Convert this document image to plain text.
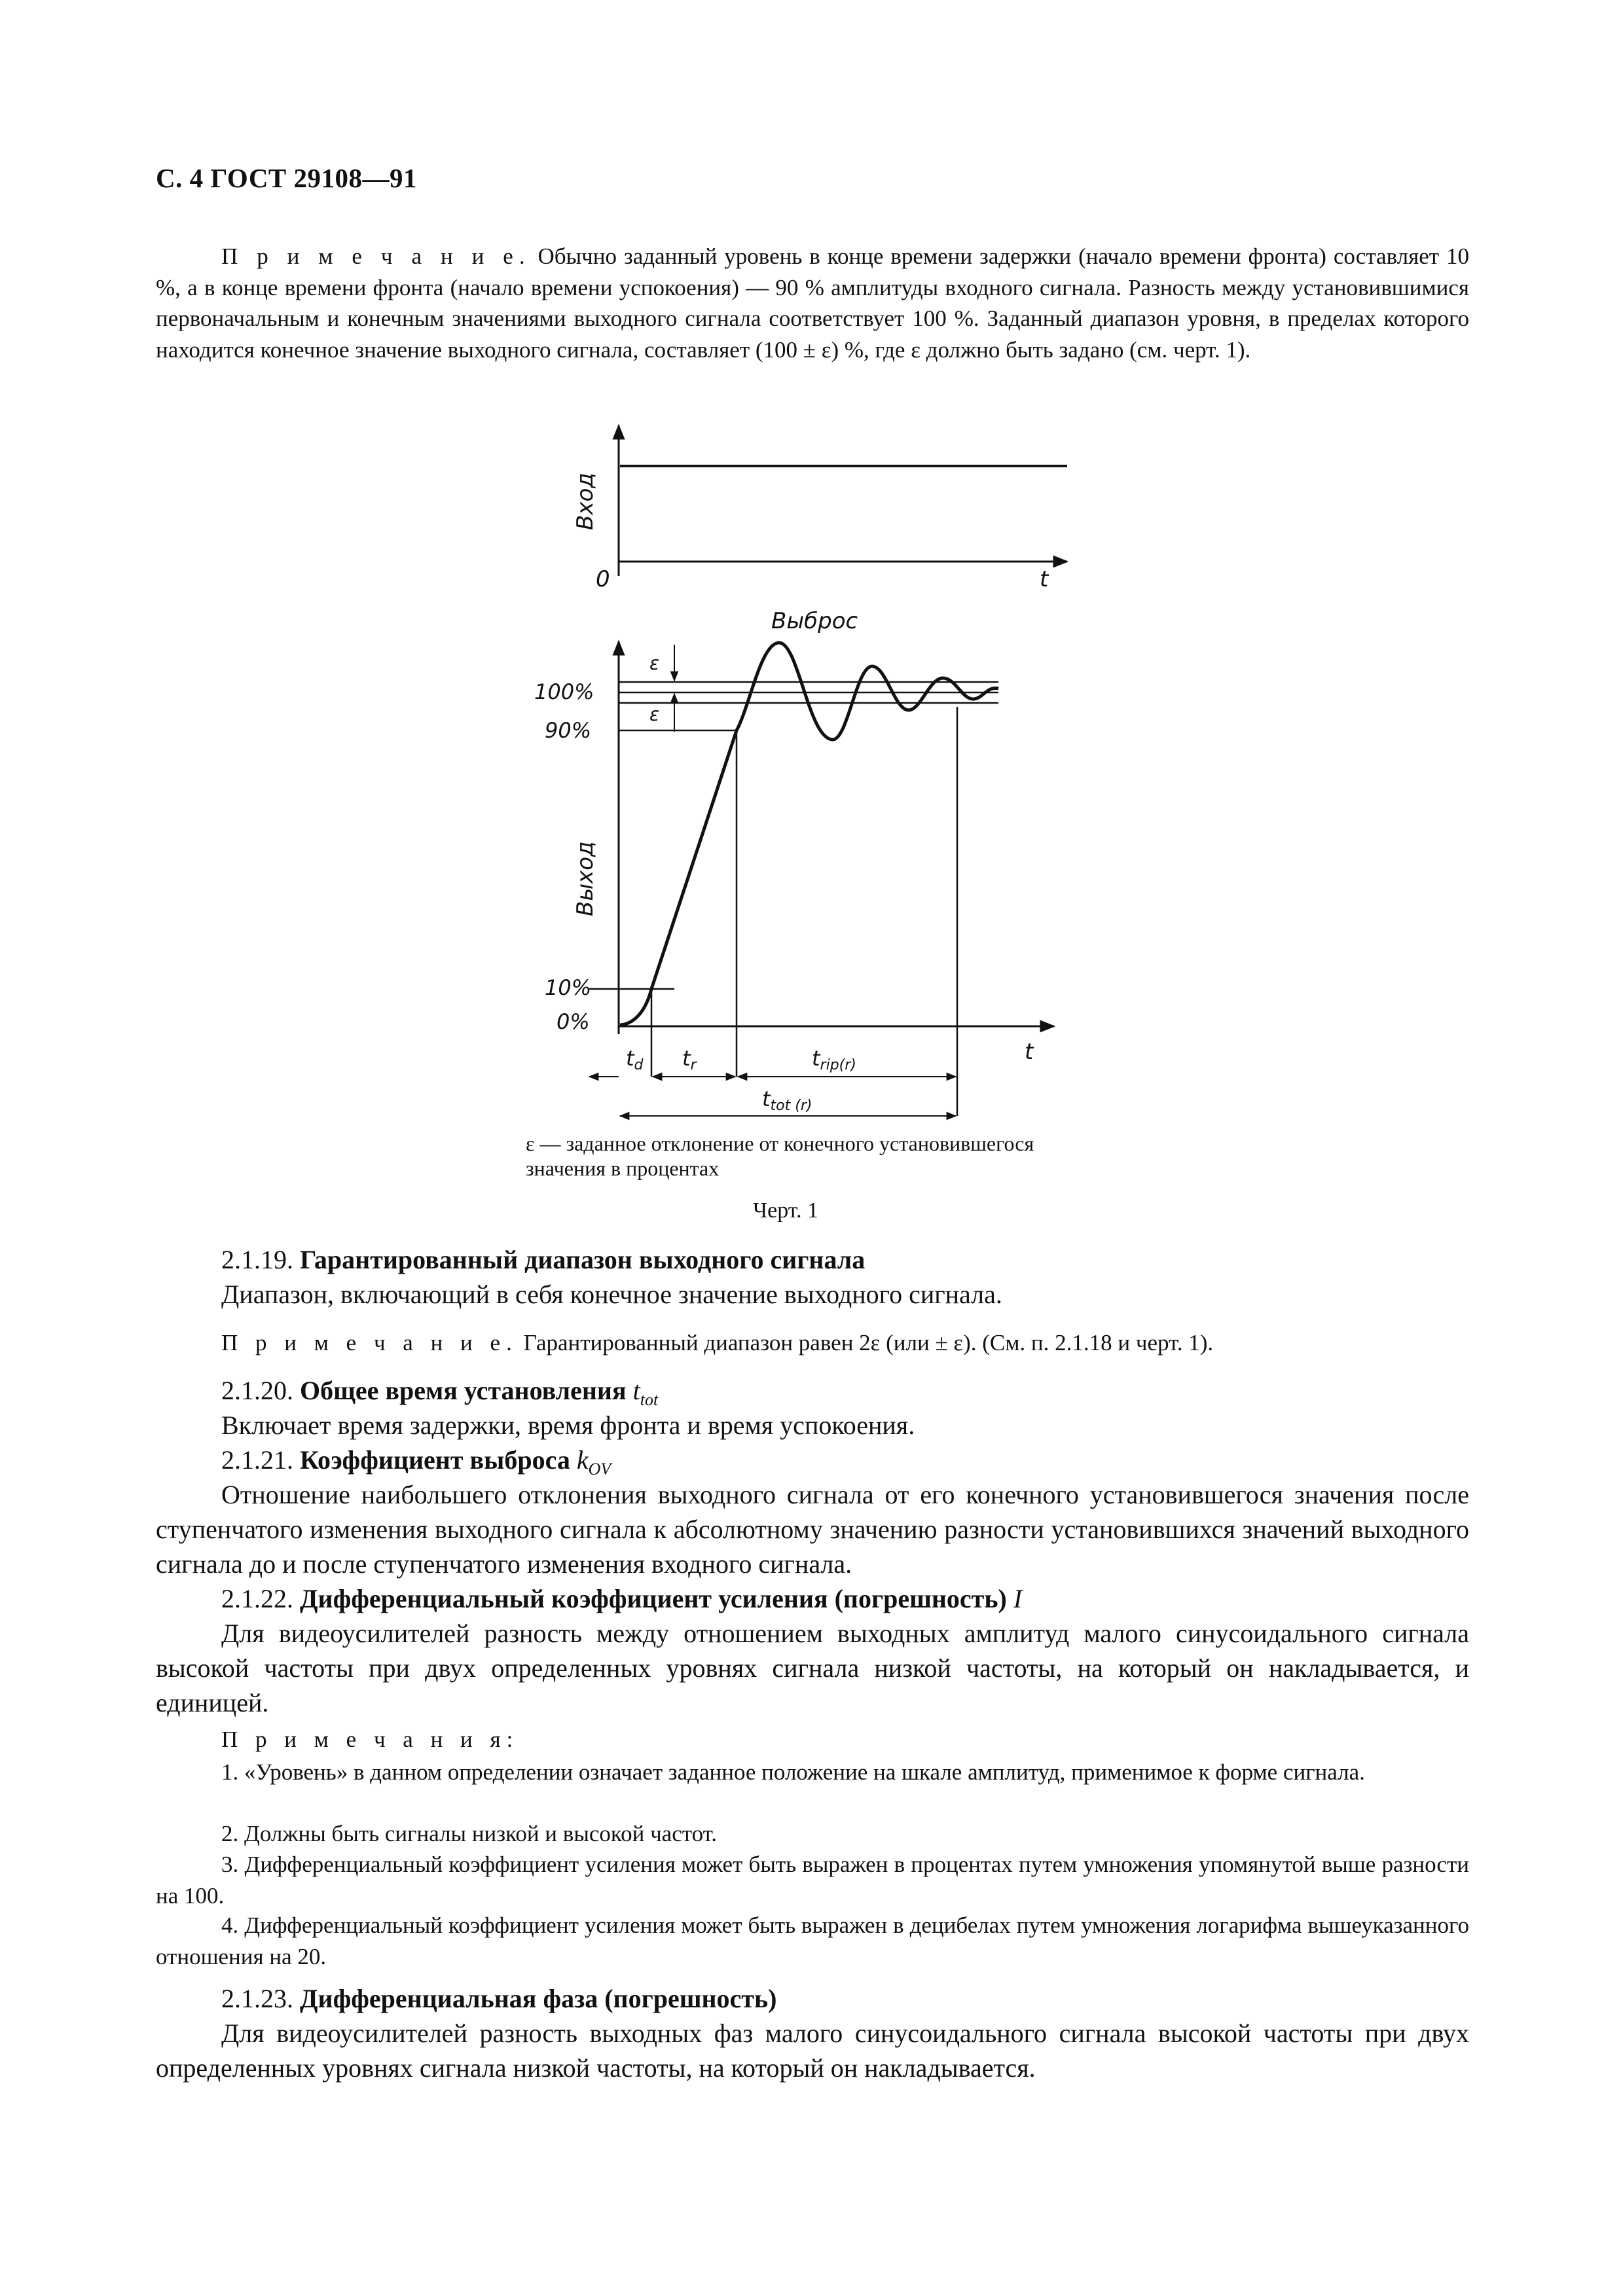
С. 4 ГОСТ 29108—91

П р и м е ч а н и е. Обычно заданный уровень в конце времени задержки (начало времени фронта) составляет 10 %, а в конце времени фронта (начало времени успокоения) — 90 % амплитуды входного сигнала. Разность между установившимися первоначальным и конечным значениями выходного сигнала соответствует 100 %. Заданный диапазон уровня, в пределах которого находится конечное значение выходного сигнала, составляет (100 ± ε) %, где ε должно быть задано (см. черт. 1).

Вход
Выход
0	t
t
Выброс
ε
ε
100%
90%
10%
0%
td tr	trip(r)
ttot (r)
ε — заданное отклонение от конечного установившегося значения в процентах
Черт. 1
2.1.19. Гарантированный диапазон выходного сигнала
Диапазон, включающий в себя конечное значение выходного сигнала.
П р и м е ч а н и е. Гарантированный диапазон равен 2ε (или ± ε). (См. п. 2.1.18 и черт. 1).
2.1.20. Общее время установления $t_{tot}$
Включает время задержки, время фронта и время успокоения.
2.1.21. Коэффициент выброса $k_{OV}$

Отношение наибольшего отклонения выходного сигнала от его конечного установившегося значения после ступенчатого изменения выходного сигнала к абсолютному значению разности установившихся значений выходного сигнала до и после ступенчатого изменения входного сигнала.

2.1.22. Дифференциальный коэффициент усиления (погрешность) I

Для видеоусилителей разность между отношением выходных амплитуд малого синусоидального сигнала высокой частоты при двух определенных уровнях сигнала низкой частоты, на который он накладывается, и единицей.

П р и м е ч а н и я:

1. «Уровень» в данном определении означает заданное положение на шкале амплитуд, применимое к форме сигнала.

2. Должны быть сигналы низкой и высокой частот.

3. Дифференциальный коэффициент усиления может быть выражен в процентах путем умножения упомянутой выше разности на 100.

4. Дифференциальный коэффициент усиления может быть выражен в децибелах путем умножения логарифма вышеуказанного отношения на 20.

2.1.23. Дифференциальная фаза (погрешность)

Для видеоусилителей разность выходных фаз малого синусоидального сигнала высокой частоты при двух определенных уровнях сигнала низкой частоты, на который он накладывается.
